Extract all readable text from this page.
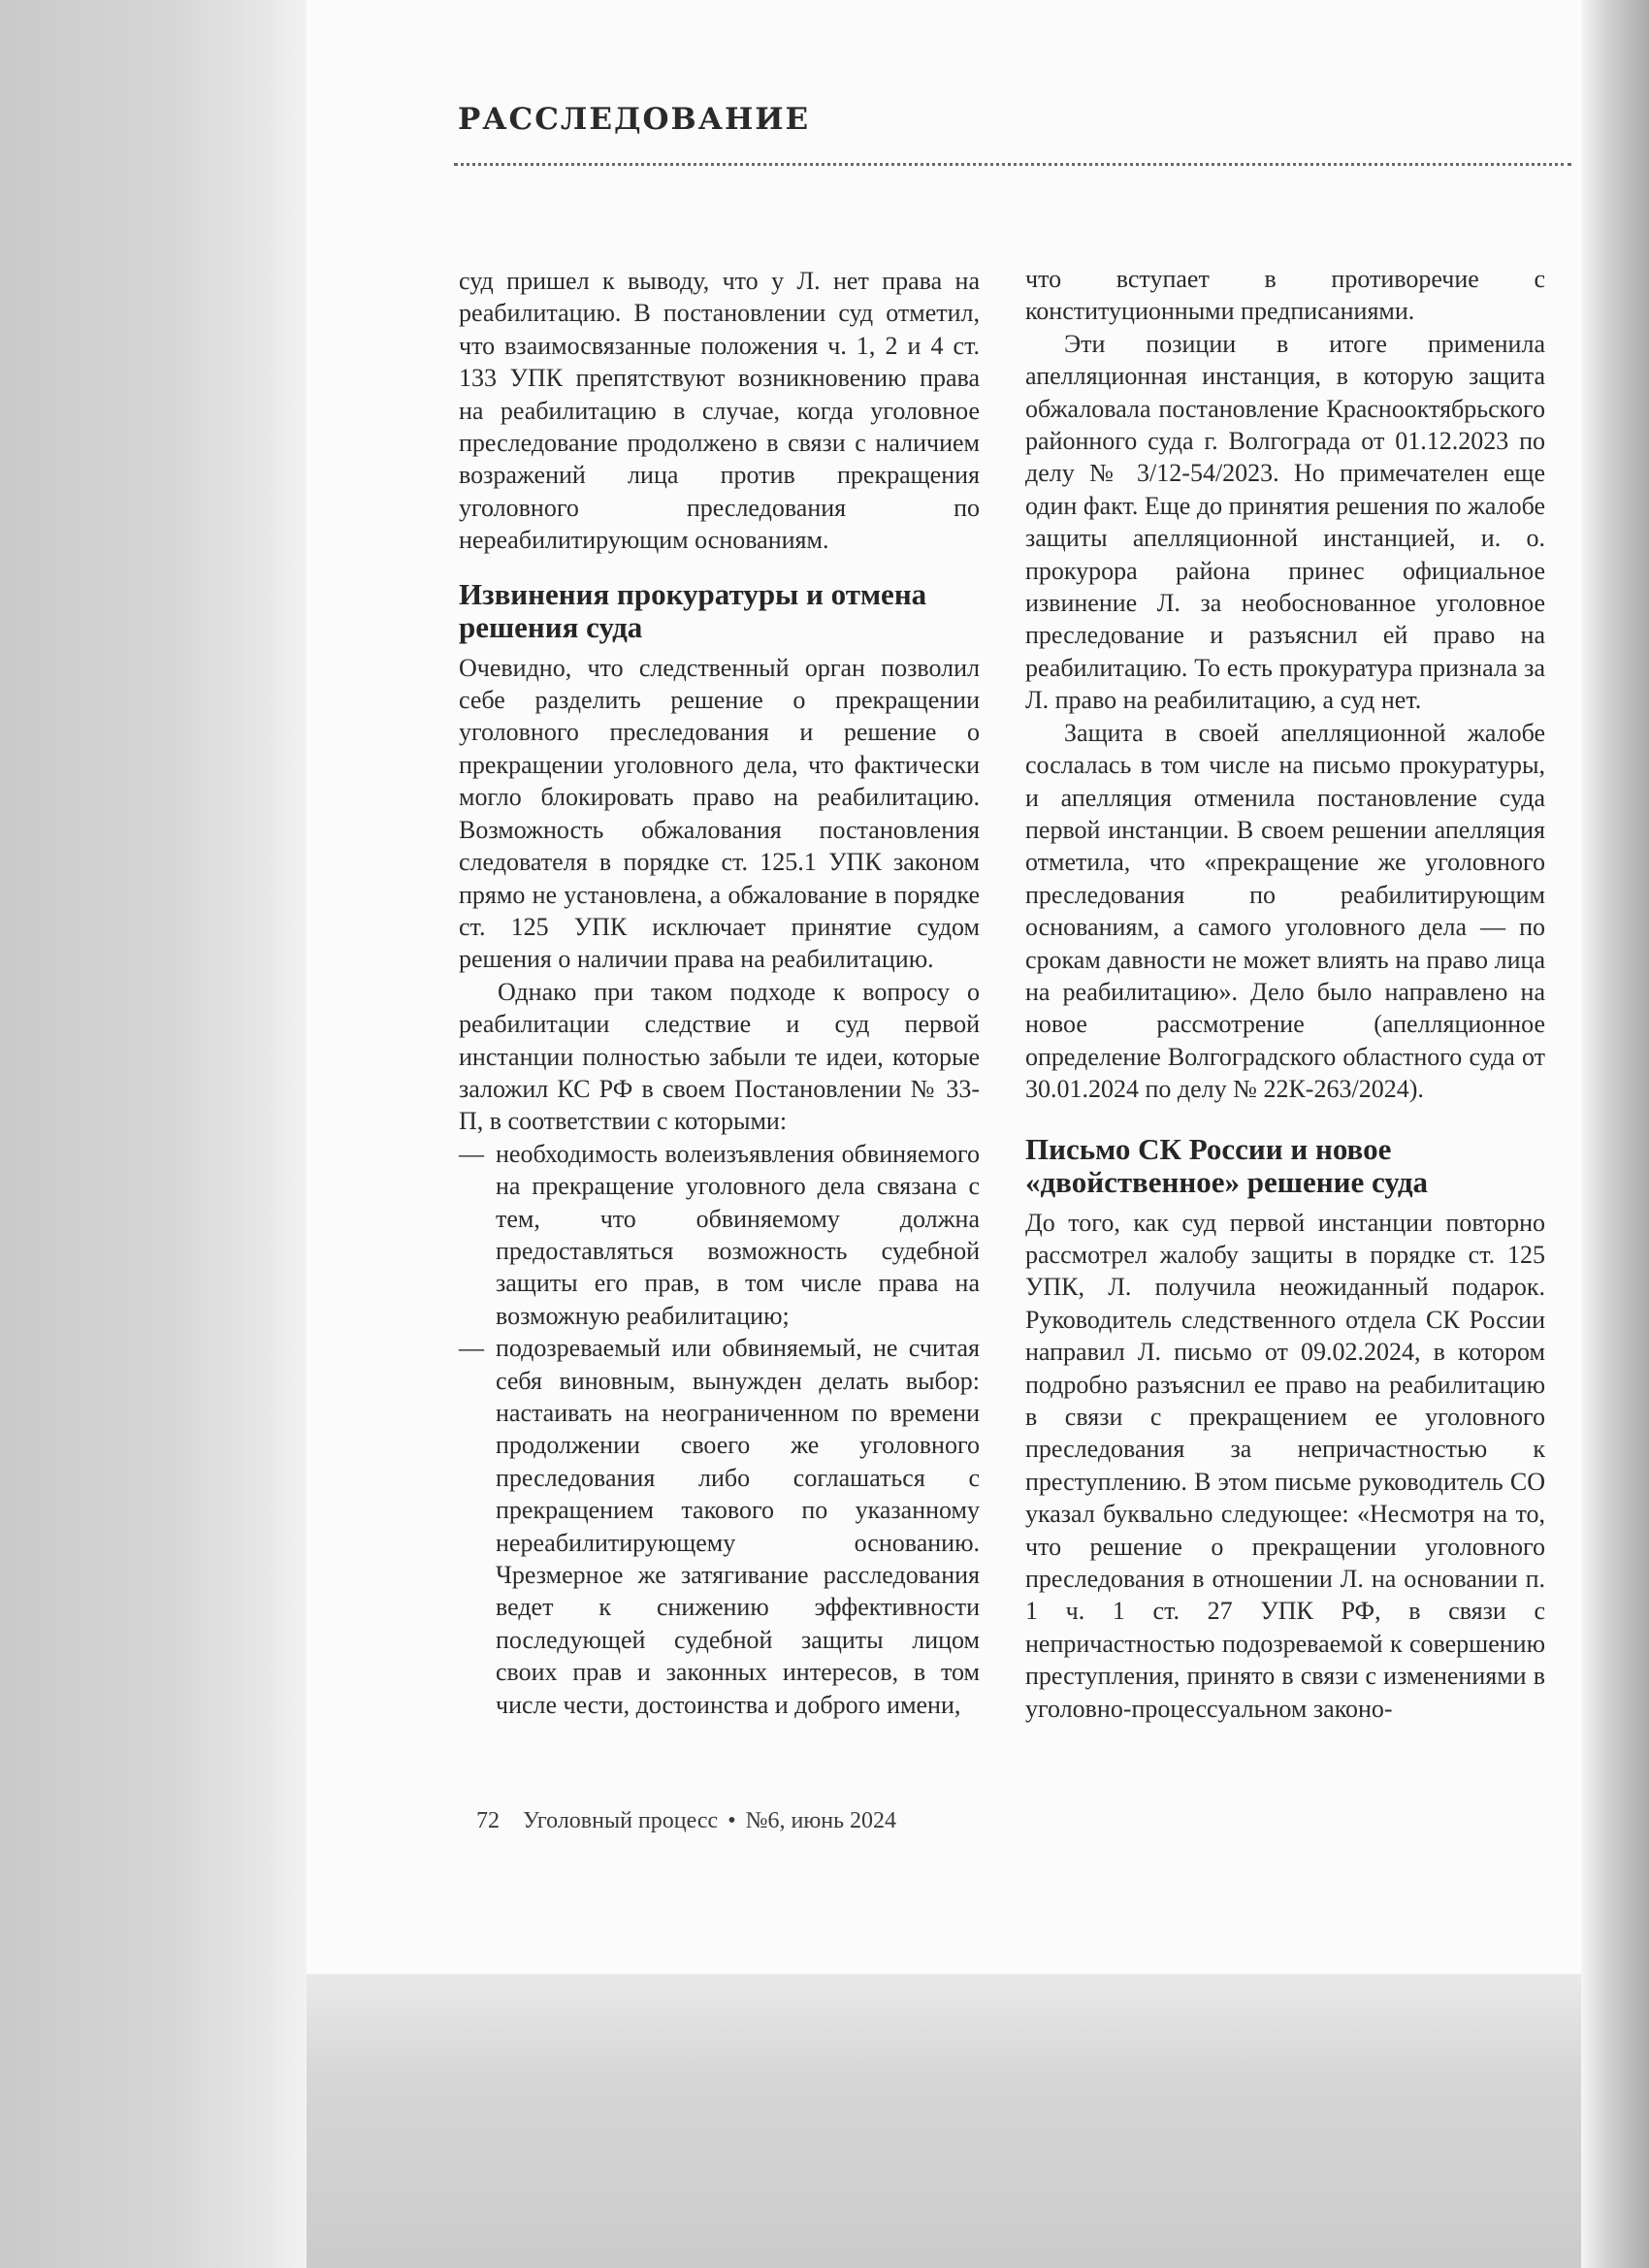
РАССЛЕДОВАНИЕ

суд пришел к выводу, что у Л. нет права на реабилитацию. В постановлении суд отметил, что взаимосвязанные положения ч. 1, 2 и 4 ст. 133 УПК препятствуют возникновению права на реабилитацию в случае, когда уголовное преследование продолжено в связи с наличием возражений лица против прекращения уголовного преследования по нереабилитирующим основаниям.

Извинения прокуратуры и отмена решения суда

Очевидно, что следственный орган позволил себе разделить решение о прекращении уголовного преследования и решение о прекращении уголовного дела, что фактически могло блокировать право на реабилитацию. Возможность обжалования постановления следователя в порядке ст. 125.1 УПК законом прямо не установлена, а обжалование в порядке ст. 125 УПК исключает принятие судом решения о наличии права на реабилитацию.

Однако при таком подходе к вопросу о реабилитации следствие и суд первой инстанции полностью забыли те идеи, которые заложил КС РФ в своем Постановлении № 33-П, в соответствии с которыми:

— необходимость волеизъявления обвиняемого на прекращение уголовного дела связана с тем, что обвиняемому должна предоставляться возможность судебной защиты его прав, в том числе права на возможную реабилитацию;
— подозреваемый или обвиняемый, не считая себя виновным, вынужден делать выбор: настаивать на неограниченном по времени продолжении своего же уголовного преследования либо соглашаться с прекращением такового по указанному нереабилитирующему основанию. Чрезмерное же затягивание расследования ведет к снижению эффективности последующей судебной защиты лицом своих прав и законных интересов, в том числе чести, достоинства и доброго имени,

что вступает в противоречие с конституционными предписаниями.

Эти позиции в итоге применила апелляционная инстанция, в которую защита обжаловала постановление Краснооктябрьского районного суда г. Волгограда от 01.12.2023 по делу № 3/12-54/2023. Но примечателен еще один факт. Еще до принятия решения по жалобе защиты апелляционной инстанцией, и. о. прокурора района принес официальное извинение Л. за необоснованное уголовное преследование и разъяснил ей право на реабилитацию. То есть прокуратура признала за Л. право на реабилитацию, а суд нет.

Защита в своей апелляционной жалобе сослалась в том числе на письмо прокуратуры, и апелляция отменила постановление суда первой инстанции. В своем решении апелляция отметила, что «прекращение же уголовного преследования по реабилитирующим основаниям, а самого уголовного дела — по срокам давности не может влиять на право лица на реабилитацию». Дело было направлено на новое рассмотрение (апелляционное определение Волгоградского областного суда от 30.01.2024 по делу № 22К-263/2024).

Письмо СК России и новое «двойственное» решение суда

До того, как суд первой инстанции повторно рассмотрел жалобу защиты в порядке ст. 125 УПК, Л. получила неожиданный подарок. Руководитель следственного отдела СК России направил Л. письмо от 09.02.2024, в котором подробно разъяснил ее право на реабилитацию в связи с прекращением ее уголовного преследования за непричастностью к преступлению. В этом письме руководитель СО указал буквально следующее: «Несмотря на то, что решение о прекращении уголовного преследования в отношении Л. на основании п. 1 ч. 1 ст. 27 УПК РФ, в связи с непричастностью подозреваемой к совершению преступления, принято в связи с изменениями в уголовно-процессуальном законо-

72 Уголовный процесс • №6, июнь 2024
